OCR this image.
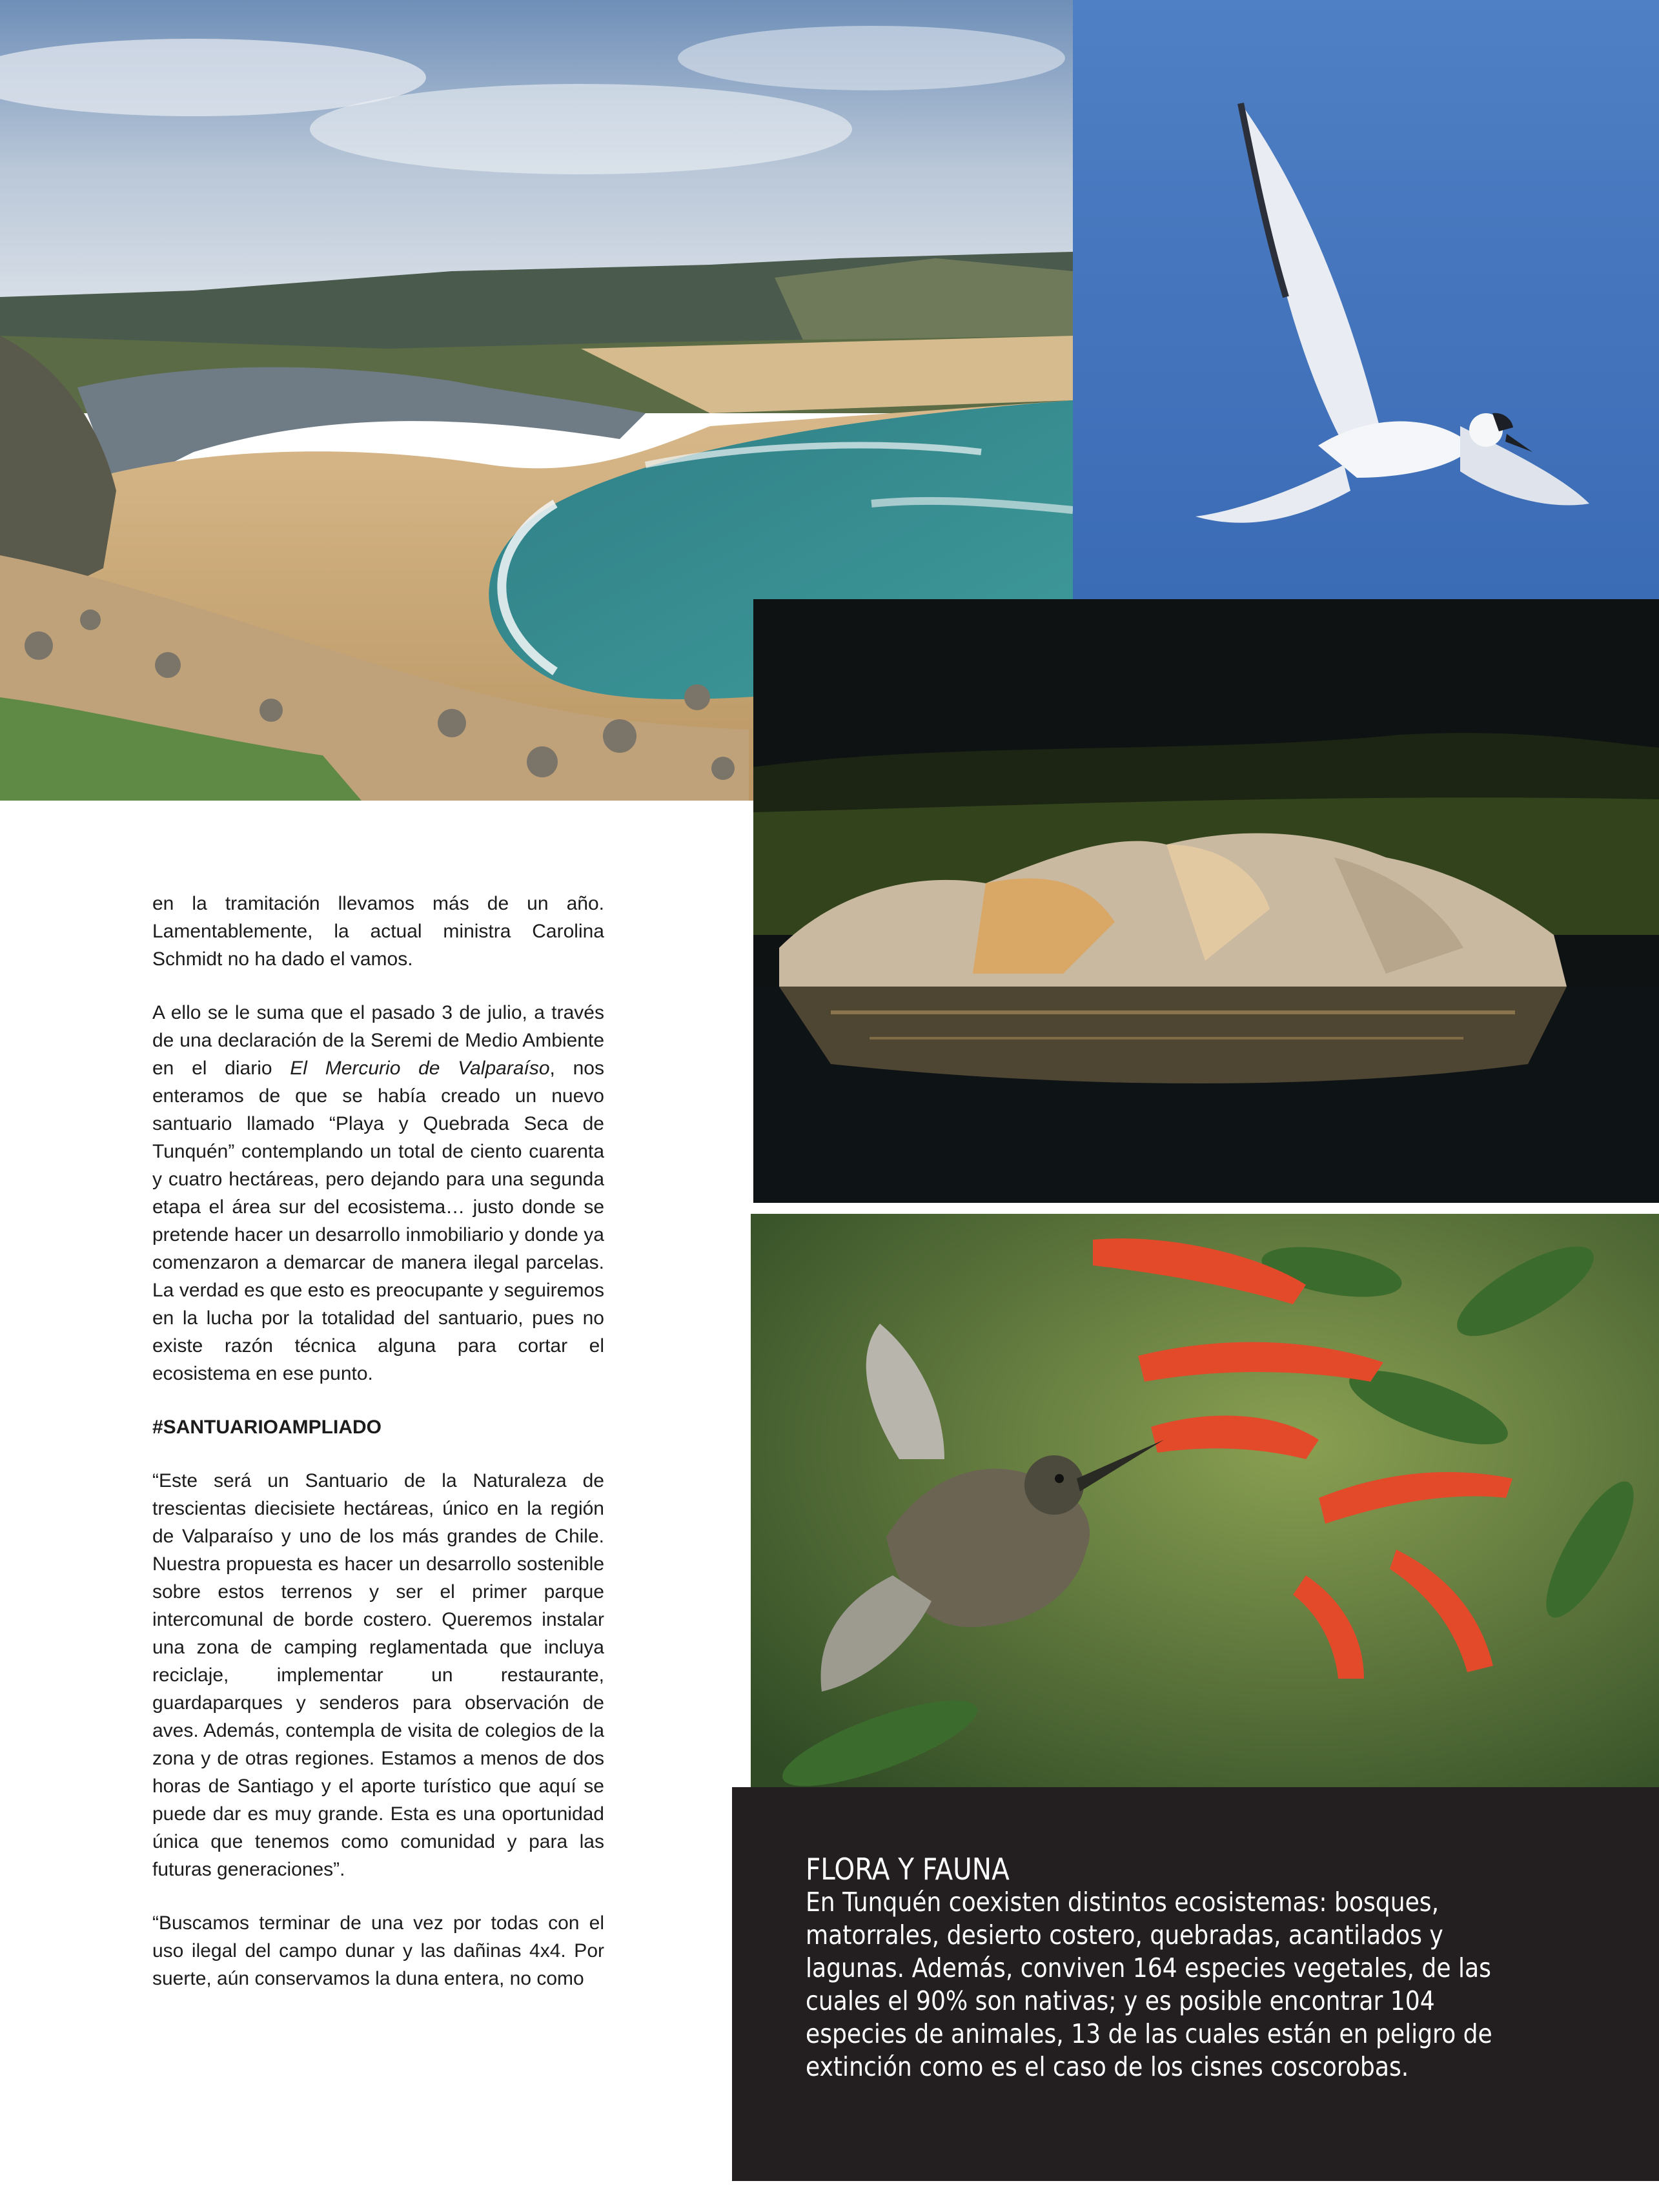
en la tramitación llevamos más de un año. Lamentablemente, la actual ministra Carolina Schmidt no ha dado el vamos.

A ello se le suma que el pasado 3 de julio, a través de una declaración de la Seremi de Medio Ambiente en el diario El Mercurio de Valparaíso, nos enteramos de que se había creado un nuevo santuario llamado “Playa y Quebrada Seca de Tunquén” contemplando un total de ciento cuarenta y cuatro hectáreas, pero dejando para una segunda etapa el área sur del ecosistema… justo donde se pretende hacer un desarrollo inmobiliario y donde ya comenzaron a demarcar de manera ilegal parcelas. La verdad es que esto es preocupante y seguiremos en la lucha por la totalidad del santuario, pues no existe razón técnica alguna para cortar el ecosistema en ese punto.

#SANTUARIOAMPLIADO

“Este será un Santuario de la Naturaleza de trescientas diecisiete hectáreas, único en la región de Valparaíso y uno de los más grandes de Chile. Nuestra propuesta es hacer un desarrollo sostenible sobre estos terrenos y ser el primer parque intercomunal de borde costero. Queremos instalar una zona de camping reglamentada que incluya reciclaje, implementar un restaurante, guardaparques y senderos para observación de aves. Además, contempla de visita de colegios de la zona y de otras regiones. Estamos a menos de dos horas de Santiago y el aporte turístico que aquí se puede dar es muy grande. Esta es una oportunidad única que tenemos como comunidad y para las futuras generaciones”.

“Buscamos terminar de una vez por todas con el uso ilegal del campo dunar y las dañinas 4x4. Por suerte, aún conservamos la duna entera, no como

FLORA Y FAUNA
En Tunquén coexisten distintos ecosistemas: bosques, matorrales, desierto costero, quebradas, acantilados y lagunas. Además, conviven 164 especies vegetales, de las cuales el 90% son nativas; y es posible encontrar 104 especies de animales, 13 de las cuales están en peligro de extinción como es el caso de los cisnes coscorobas.
